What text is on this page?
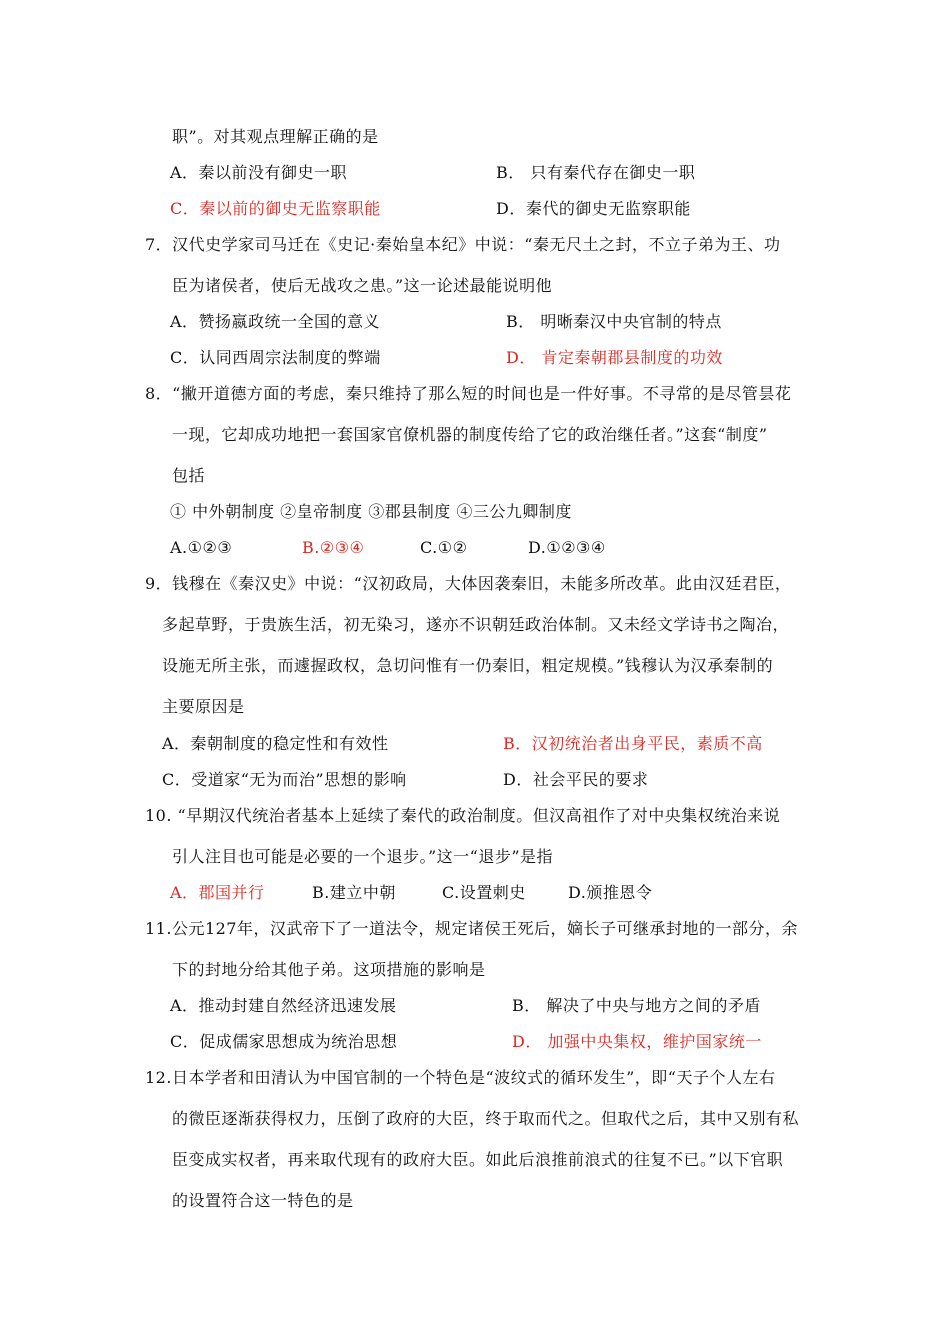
职”。对其观点理解正确的是
A．秦以前没有御史一职	B． 只有秦代存在御史一职
C．秦以前的御史无监察职能	D．秦代的御史无监察职能
7．汉代史学家司马迁在《史记·秦始皇本纪》中说：“秦无尺土之封，不立子弟为王、功
臣为诸侯者，使后无战攻之患。”这一论述最能说明他
A．赞扬嬴政统一全国的意义	B． 明晰秦汉中央官制的特点
C．认同西周宗法制度的弊端	D． 肯定秦朝郡县制度的功效
8．“撇开道德方面的考虑，秦只维持了那么短的时间也是一件好事。不寻常的是尽管昙花
一现，它却成功地把一套国家官僚机器的制度传给了它的政治继任者。”这套“制度”
包括
① 中外朝制度 ②皇帝制度 ③郡县制度 ④三公九卿制度
A.①②③	B.②③④	C.①②	D.①②③④
9．钱穆在《秦汉史》中说：“汉初政局，大体因袭秦旧，未能多所改革。此由汉廷君臣，
多起草野，于贵族生活，初无染习，遂亦不识朝廷政治体制。又未经文学诗书之陶冶，
设施无所主张，而遽握政权，急切问惟有一仍秦旧，粗定规模。”钱穆认为汉承秦制的
主要原因是
A．秦朝制度的稳定性和有效性	B．汉初统治者出身平民，素质不高
C．受道家“无为而治”思想的影响	D．社会平民的要求
10. “早期汉代统治者基本上延续了秦代的政治制度。但汉高祖作了对中央集权统治来说
引人注目也可能是必要的一个退步。”这一“退步”是指
A．郡国并行	B.建立中朝	C.设置刺史	D.颁推恩令
11.公元127年，汉武帝下了一道法令，规定诸侯王死后，嫡长子可继承封地的一部分，余
下的封地分给其他子弟。这项措施的影响是
A．推动封建自然经济迅速发展	B． 解决了中央与地方之间的矛盾
C．促成儒家思想成为统治思想	D． 加强中央集权，维护国家统一
12.日本学者和田清认为中国官制的一个特色是“波纹式的循环发生”，即“天子个人左右
的微臣逐渐获得权力，压倒了政府的大臣，终于取而代之。但取代之后，其中又别有私
臣变成实权者，再来取代现有的政府大臣。如此后浪推前浪式的往复不已。”以下官职
的设置符合这一特色的是
